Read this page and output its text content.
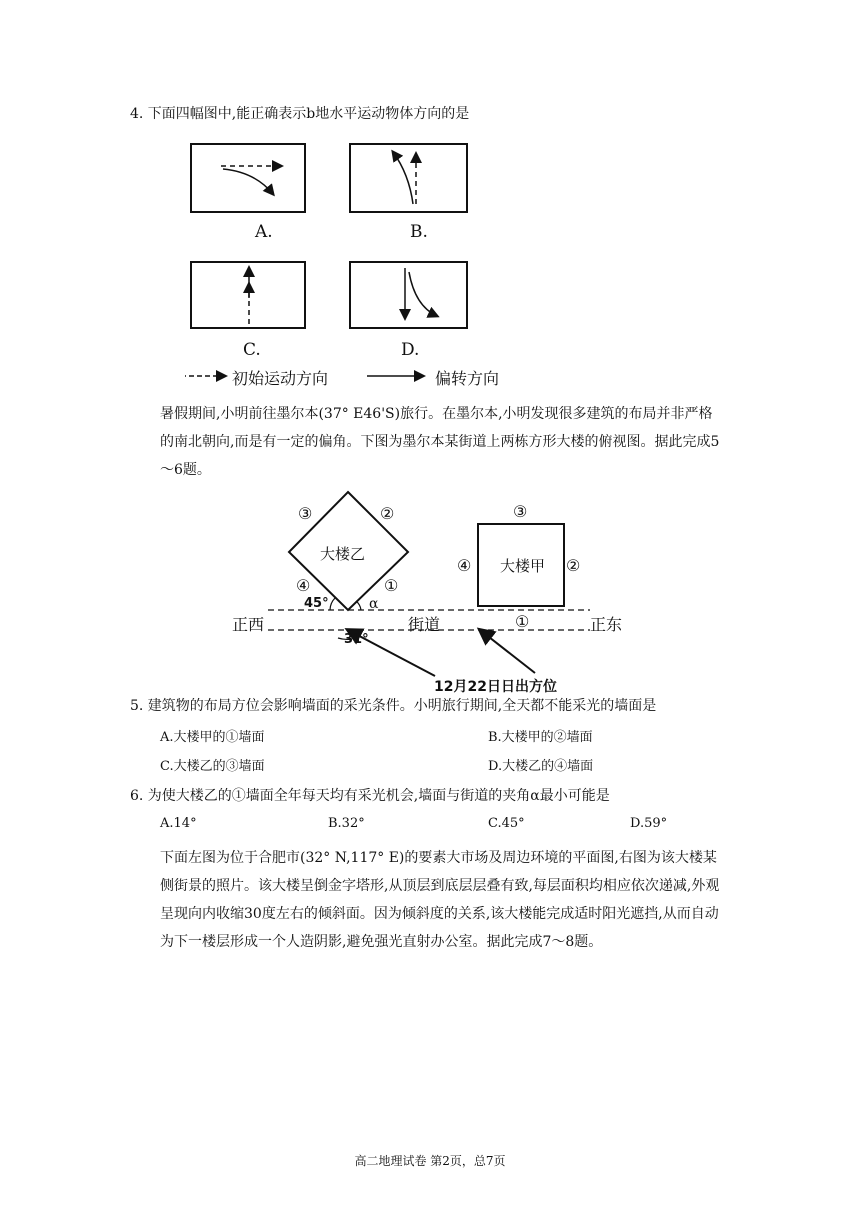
4. 下面四幅图中,能正确表示b地水平运动物体方向的是
A.	B.
C.	D.
初始运动方向	偏转方向
暑假期间,小明前往墨尔本(37° E46'S)旅行。在墨尔本,小明发现很多建筑的布局并非严格的南北朝向,而是有一定的偏角。下图为墨尔本某街道上两栋方形大楼的俯视图。据此完成5～6题。
③	②
大楼乙
④	①
45°	α
③
④ 大楼甲 ②
正西	街道	①	正东
31°
12月22日日出方位
5. 建筑物的布局方位会影响墙面的采光条件。小明旅行期间,全天都不能采光的墙面是
A.大楼甲的①墙面	B.大楼甲的②墙面
C.大楼乙的③墙面	D.大楼乙的④墙面
6. 为使大楼乙的①墙面全年每天均有采光机会,墙面与街道的夹角α最小可能是
A.14°	B.32°	C.45°	D.59°
下面左图为位于合肥市(32° N,117° E)的要素大市场及周边环境的平面图,右图为该大楼某侧街景的照片。该大楼呈倒金字塔形,从顶层到底层层叠有致,每层面积均相应依次递减,外观呈现向内收缩30度左右的倾斜面。因为倾斜度的关系,该大楼能完成适时阳光遮挡,从而自动为下一楼层形成一个人造阴影,避免强光直射办公室。据此完成7～8题。
高二地理试卷 第2页，总7页
